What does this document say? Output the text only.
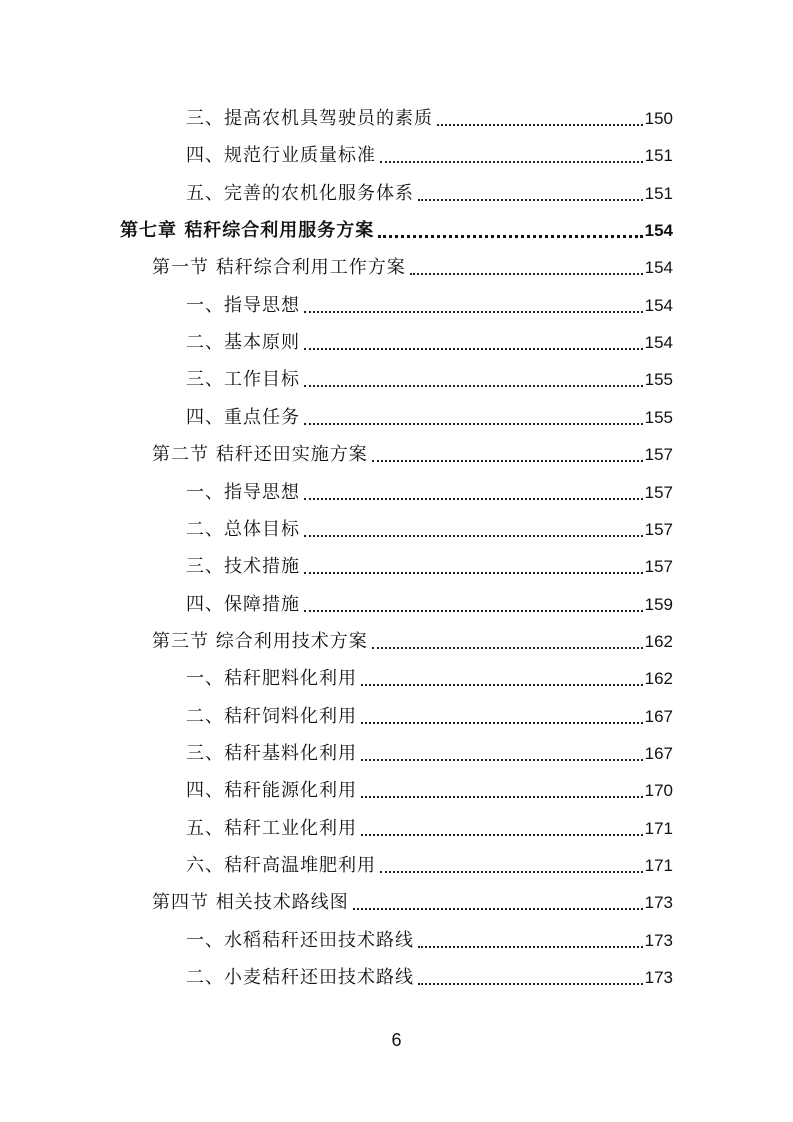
三、提高农机具驾驶员的素质	150
四、规范行业质量标准	151
五、完善的农机化服务体系	151
第七章 秸秆综合利用服务方案	154
第一节 秸秆综合利用工作方案	154
一、指导思想	154
二、基本原则	154
三、工作目标	155
四、重点任务	155
第二节 秸秆还田实施方案	157
一、指导思想	157
二、总体目标	157
三、技术措施	157
四、保障措施	159
第三节 综合利用技术方案	162
一、秸秆肥料化利用	162
二、秸秆饲料化利用	167
三、秸秆基料化利用	167
四、秸秆能源化利用	170
五、秸秆工业化利用	171
六、秸秆高温堆肥利用	171
第四节 相关技术路线图	173
一、水稻秸秆还田技术路线	173
二、小麦秸秆还田技术路线	173
6
